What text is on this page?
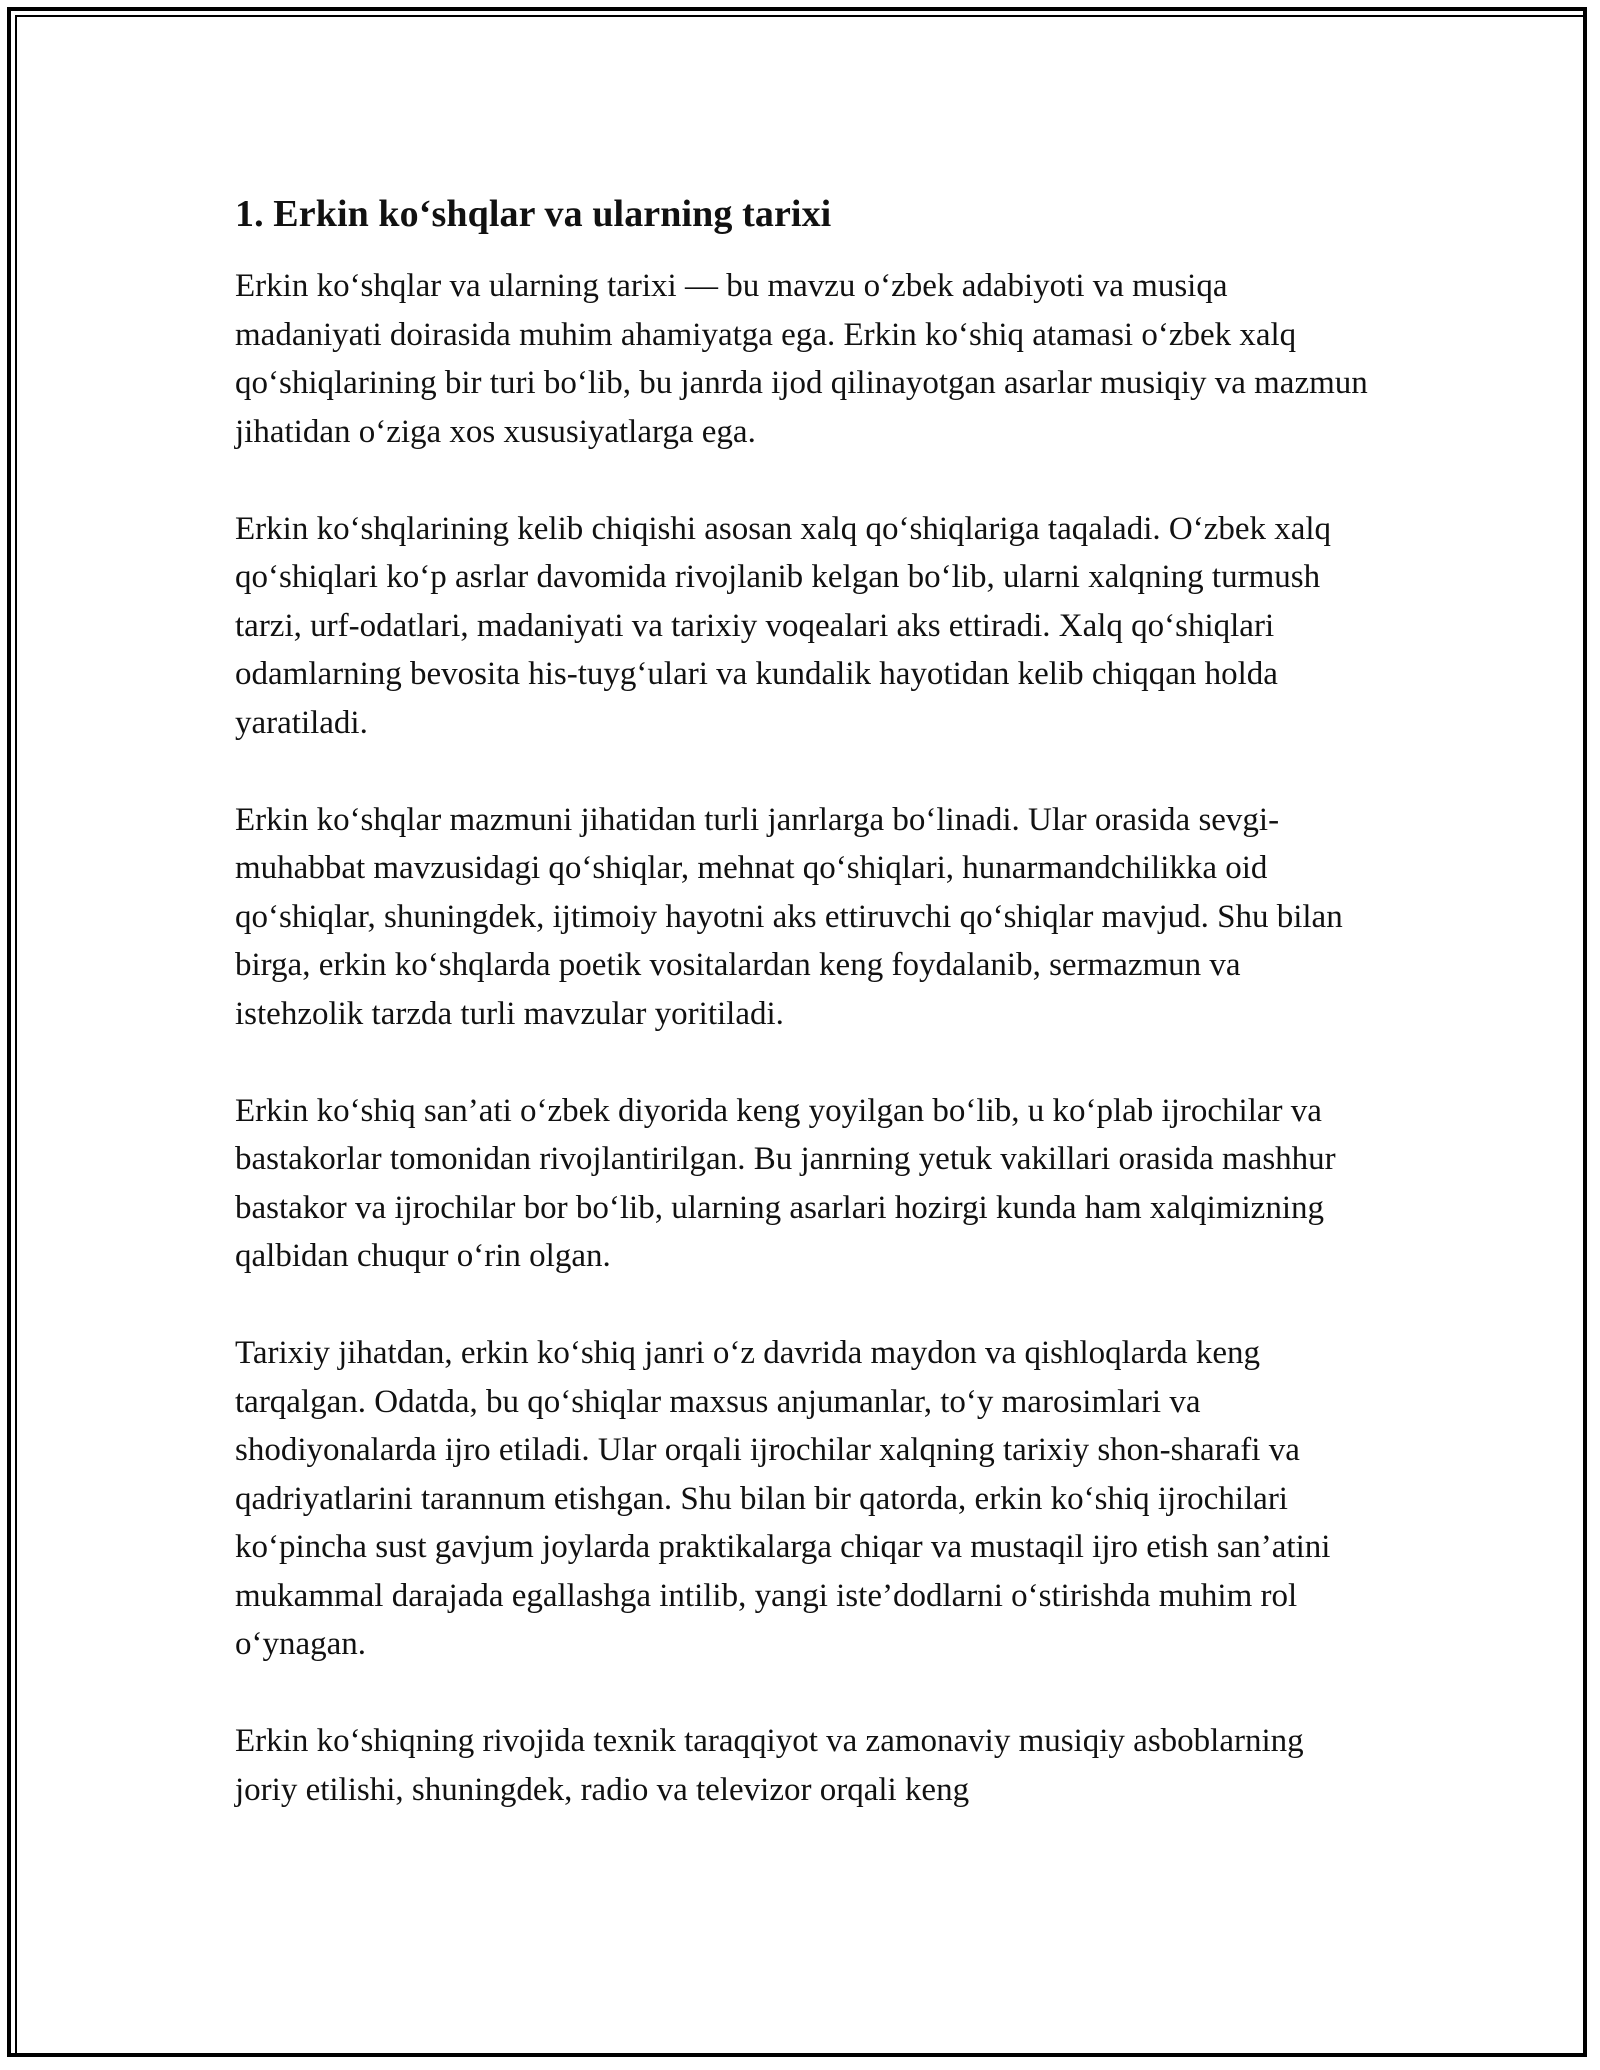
1. Erkin ko‘shqlar va ularning tarixi

Erkin ko‘shqlar va ularning tarixi — bu mavzu o‘zbek adabiyoti va musiqa madaniyati doirasida muhim ahamiyatga ega. Erkin ko‘shiq atamasi o‘zbek xalq qo‘shiqlarining bir turi bo‘lib, bu janrda ijod qilinayotgan asarlar musiqiy va mazmun jihatidan o‘ziga xos xususiyatlarga ega.

Erkin ko‘shqlarining kelib chiqishi asosan xalq qo‘shiqlariga taqaladi. O‘zbek xalq qo‘shiqlari ko‘p asrlar davomida rivojlanib kelgan bo‘lib, ularni xalqning turmush tarzi, urf-odatlari, madaniyati va tarixiy voqealari aks ettiradi. Xalq qo‘shiqlari odamlarning bevosita his-tuyg‘ulari va kundalik hayotidan kelib chiqqan holda yaratiladi.

Erkin ko‘shqlar mazmuni jihatidan turli janrlarga bo‘linadi. Ular orasida sevgi-muhabbat mavzusidagi qo‘shiqlar, mehnat qo‘shiqlari, hunarmandchilikka oid qo‘shiqlar, shuningdek, ijtimoiy hayotni aks ettiruvchi qo‘shiqlar mavjud. Shu bilan birga, erkin ko‘shqlarda poetik vositalardan keng foydalanib, sermazmun va istehzolik tarzda turli mavzular yoritiladi.

Erkin ko‘shiq san’ati o‘zbek diyorida keng yoyilgan bo‘lib, u ko‘plab ijrochilar va bastakorlar tomonidan rivojlantirilgan. Bu janrning yetuk vakillari orasida mashhur bastakor va ijrochilar bor bo‘lib, ularning asarlari hozirgi kunda ham xalqimizning qalbidan chuqur o‘rin olgan.

Tarixiy jihatdan, erkin ko‘shiq janri o‘z davrida maydon va qishloqlarda keng tarqalgan. Odatda, bu qo‘shiqlar maxsus anjumanlar, to‘y marosimlari va shodiyonalarda ijro etiladi. Ular orqali ijrochilar xalqning tarixiy shon-sharafi va qadriyatlarini tarannum etishgan. Shu bilan bir qatorda, erkin ko‘shiq ijrochilari ko‘pincha sust gavjum joylarda praktikalarga chiqar va mustaqil ijro etish san’atini mukammal darajada egallashga intilib, yangi iste’dodlarni o‘stirishda muhim rol o‘ynagan.

Erkin ko‘shiqning rivojida texnik taraqqiyot va zamonaviy musiqiy asboblarning joriy etilishi, shuningdek, radio va televizor orqali keng
